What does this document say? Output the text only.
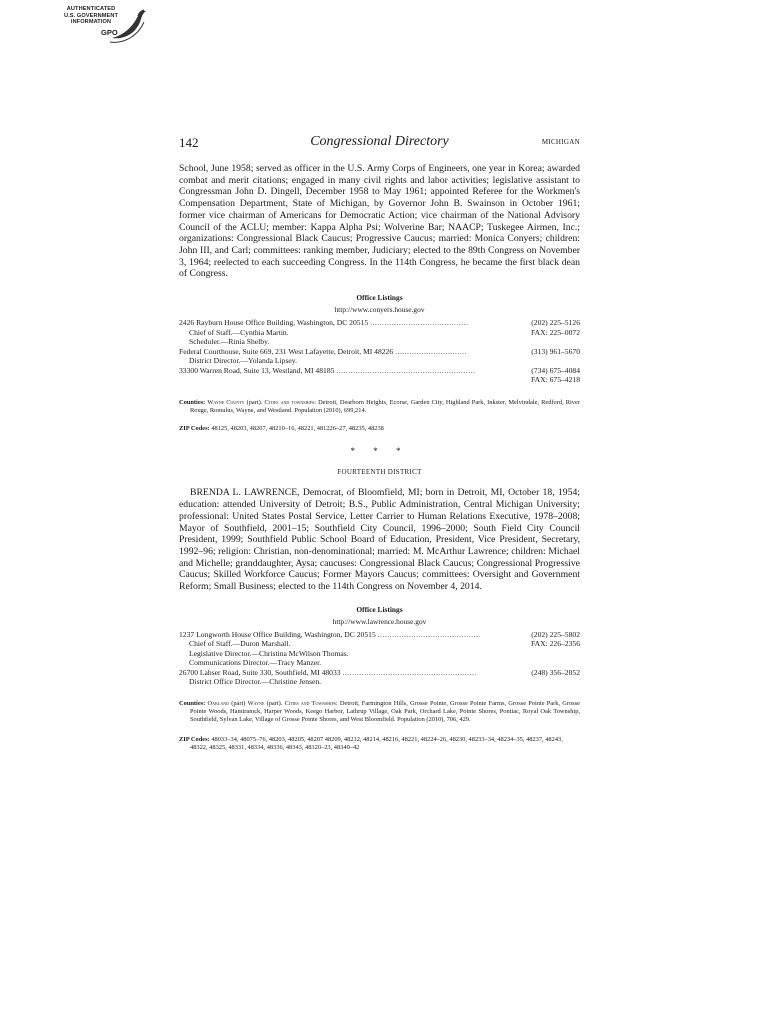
AUTHENTICATED
U.S. GOVERNMENT
INFORMATION
GPO
142	Congressional Directory	MICHIGAN

School, June 1958; served as officer in the U.S. Army Corps of Engineers, one year in Korea; awarded combat and merit citations; engaged in many civil rights and labor activities; legislative assistant to Congressman John D. Dingell, December 1958 to May 1961; appointed Referee for the Workmen's Compensation Department, State of Michigan, by Governor John B. Swainson in October 1961; former vice chairman of Americans for Democratic Action; vice chairman of the National Advisory Council of the ACLU; member: Kappa Alpha Psi; Wolverine Bar; NAACP; Tuskegee Airmen, Inc.; organizations: Congressional Black Caucus; Progressive Caucus; married: Monica Conyers; children: John III, and Carl; committees: ranking member, Judiciary; elected to the 89th Congress on November 3, 1964; reelected to each succeeding Congress. In the 114th Congress, he became the first black dean of Congress.

Office Listings

http://www.conyers.house.gov

2426 Rayburn House Office Building, Washington, DC 20515 .........................................	(202) 225–5126
Chief of Staff.—Cynthia Martin.	FAX: 225–0072
Scheduler.—Rinia Shelby.
Federal Courthouse, Suite 669, 231 West Lafayette, Detroit, MI 48226 ..............................	(313) 961–5670
District Director.—Yolanda Lipsey.
33300 Warren Road, Suite 13, Westland, MI 48185 ..........................................................	(734) 675–4084
FAX: 675–4218

Counties: Wayne County (part). Cities and townships: Detroit, Dearborn Heights, Ecorse, Garden City, Highland Park, Inkster, Melvindale, Redford, River Rouge, Romulus, Wayne, and Westland. Population (2010), 699,214.

ZIP Codes: 48125, 48203, 48207, 48210–16, 48221, 481226–27, 48235, 48238

* * *

FOURTEENTH DISTRICT

BRENDA L. LAWRENCE, Democrat, of Bloomfield, MI; born in Detroit, MI, October 18, 1954; education: attended University of Detroit; B.S., Public Administration, Central Michigan University; professional: United States Postal Service, Letter Carrier to Human Relations Executive, 1978–2008; Mayor of Southfield, 2001–15; Southfield City Council, 1996–2000; South Field City Council President, 1999; Southfield Public School Board of Education, President, Vice President, Secretary, 1992–96; religion: Christian, non-denominational; married: M. McArthur Lawrence; children: Michael and Michelle; granddaughter, Aysa; caucuses: Congressional Black Caucus; Congressional Progressive Caucus; Skilled Workforce Caucus; Former Mayors Caucus; committees: Oversight and Government Reform; Small Business; elected to the 114th Congress on November 4, 2014.

Office Listings

http://www.lawrence.house.gov

1237 Longworth House Office Building, Washington, DC 20515 ...........................................	(202) 225–5802
Chief of Staff.—Duron Marshall.	FAX: 226–2356
Legislative Director.—Christina McWilson Thomas.
Communications Director.—Tracy Manzer.
26700 Lahser Road, Suite 330, Southfield, MI 48033 ........................................................	(248) 356–2052
District Office Director.—Christine Jensen.

Counties: Oakland (part) Wayne (part). Cities and Townships: Detroit, Farmington Hills, Grosse Pointe, Grosse Pointe Farms, Grosse Pointe Park, Grosse Pointe Woods, Hamtramck, Harper Woods, Keego Harbor, Lathrup Village, Oak Park, Orchard Lake, Pointe Shores, Pontiac, Royal Oak Township, Southfield, Sylvan Lake, Village of Grosse Pointe Shores, and West Bloomfield. Population (2010), 706, 429.

ZIP Codes: 48033–34, 48075–76, 48203, 48205, 48207 48209, 48212, 48214, 48216, 48221, 48224–26, 48230, 48233–34, 48234–35, 48237, 48243, 48322, 48325, 48331, 48334, 48336, 48343, 48320–23, 48340–42
